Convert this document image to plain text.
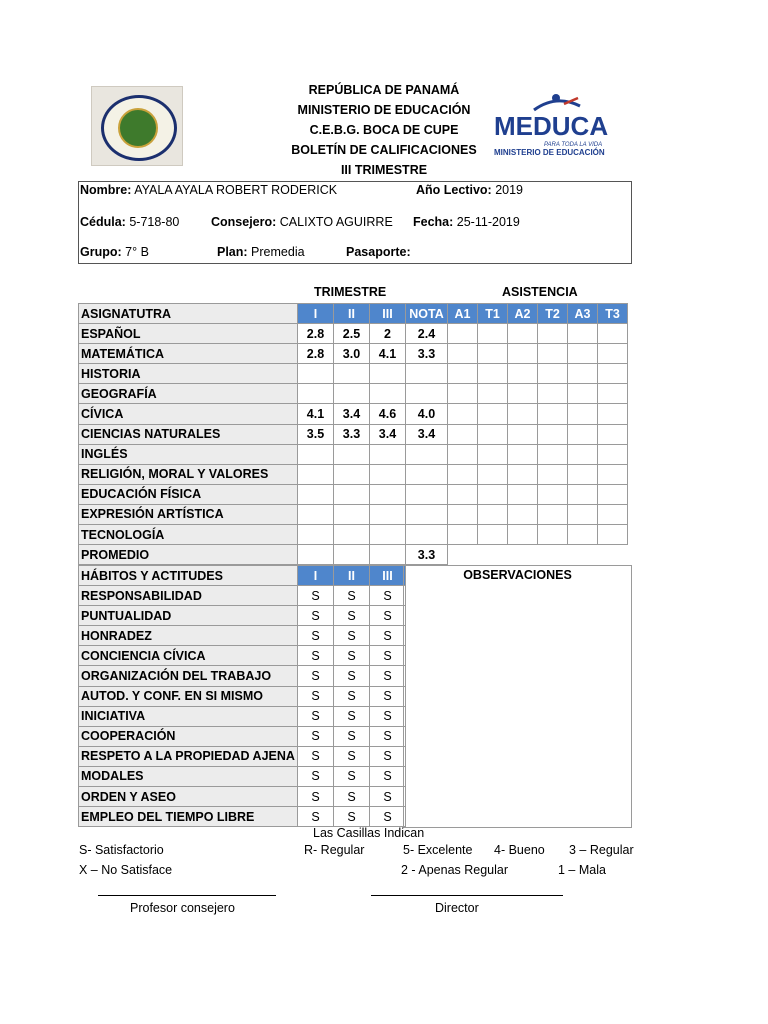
REPÚBLICA DE PANAMÁ
MINISTERIO DE EDUCACIÓN
C.E.B.G. BOCA DE CUPE
BOLETÍN DE CALIFICACIONES
III TRIMESTRE
MEDUCA
PARA TODA LA VIDA
MINISTERIO DE EDUCACIÓN
Nombre: AYALA AYALA ROBERT RODERICK	Año Lectivo: 2019
Cédula: 5-718-80	Consejero: CALIXTO AGUIRRE Fecha: 25-11-2019
Grupo: 7° B	Plan: Premedia	Pasaporte:
TRIMESTRE	ASISTENCIA
ASIGNATUTRA	I	II	III	NOTA	A1	T1	A2	T2	A3	T3
ESPAÑOL	2.8	2.5	2	2.4						
MATEMÁTICA	2.8	3.0	4.1	3.3						
HISTORIA										
GEOGRAFÍA										
CÍVICA	4.1	3.4	4.6	4.0						
CIENCIAS NATURALES	3.5	3.3	3.4	3.4						
INGLÉS										
RELIGIÓN, MORAL Y VALORES										
EDUCACIÓN FÍSICA										
EXPRESIÓN ARTÍSTICA										
TECNOLOGÍA										
PROMEDIO				3.3						
HÁBITOS Y ACTITUDES	I	II	III
RESPONSABILIDAD	S	S	S
PUNTUALIDAD	S	S	S
HONRADEZ	S	S	S
CONCIENCIA CÍVICA	S	S	S
ORGANIZACIÓN DEL TRABAJO	S	S	S
AUTOD. Y CONF. EN SI MISMO	S	S	S
INICIATIVA	S	S	S
COOPERACIÓN	S	S	S
RESPETO A LA PROPIEDAD AJENA	S	S	S
MODALES	S	S	S
ORDEN Y ASEO	S	S	S
EMPLEO DEL TIEMPO LIBRE	S	S	S
OBSERVACIONES
Las Casillas Indican
S- Satisfactorio	R- Regular	5- Excelente 4- Bueno 3 – Regular
X – No Satisface	2 - Apenas Regular	1 – Mala
Profesor consejero	Director
